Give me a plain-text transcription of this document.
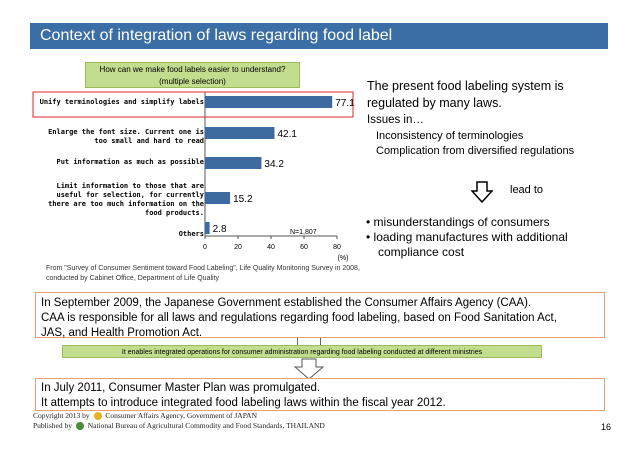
Context of integration of laws regarding food label
0	20	40	60	80
(%)
77.1
42.1
34.2
15.2
2.8	N=1,807
How can we make food labels easier to understand?
(multiple selection)
Unify terminologies and simplify labels
Enlarge the font size. Current one is too small and hard to read
Put information as much as possible
Limit information to those that are useful for selection, for currently there are too much information on the food products.
Others
From "Survey of Consumer Sentiment toward Food Labeling", Life Quality Monitoring Survey in 2008, conducted by Cabinet Office, Department of Life Quality
The present food labeling system is
regulated by many laws.
Issues in…
Inconsistency of terminologies
Complication from diversified regulations
lead to
• misunderstandings of consumers
• loading manufactures with additional
compliance cost
In September 2009, the Japanese Government established the Consumer Affairs Agency (CAA).
CAA is responsible for all laws and regulations regarding food labeling, based on Food Sanitation Act,
JAS, and Health Promotion Act.
It enables integrated operations for consumer administration regarding food labeling conducted at different ministries
In July 2011, Consumer Master Plan was promulgated.
It attempts to introduce integrated food labeling laws within the fiscal year 2012.
Copyright 2013 by Consumer Affairs Agency, Government of JAPAN
Published by National Bureau of Agricultural Commodity and Food Standards, THAILAND	16
